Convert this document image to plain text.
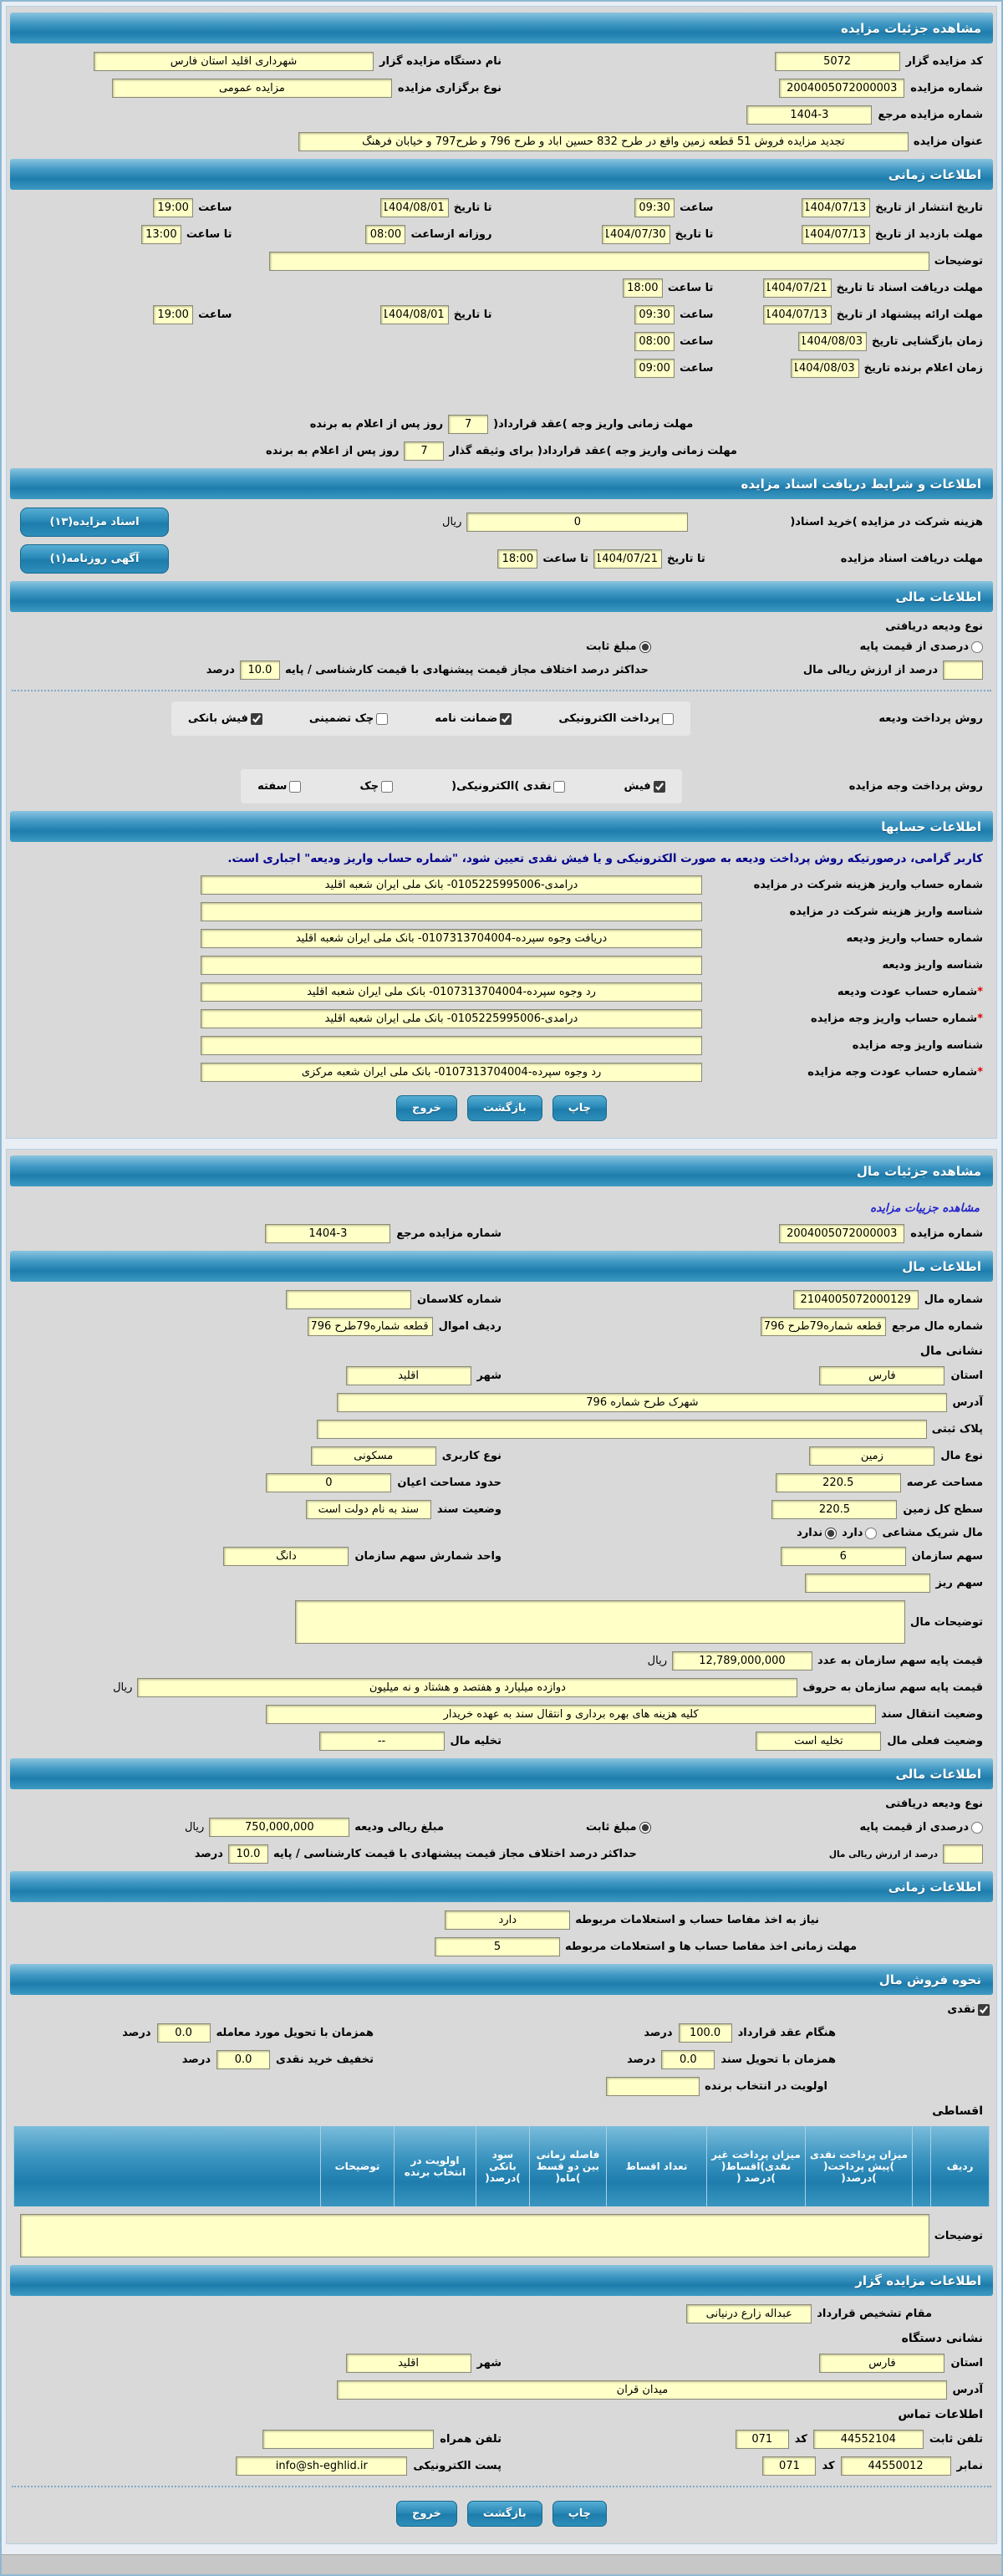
مشاهده جزئیات مزایده
کد مزایده گزار
5072
نام دستگاه مزایده گزار
شهرداری اقلید استان فارس
شماره مزایده
2004005072000003
نوع برگزاری مزایده
مزایده عمومی
شماره مزایده مرجع
1404-3
عنوان مزایده
تجدید مزایده فروش 51 قطعه زمین واقع در طرح 832 حسین آباد و طرح 796 و طرح797 و خیابان فرهنگ
اطلاعات زمانی
تاریخ انتشار از تاریخ
1404/07/13
ساعت
09:30
تا تاریخ
1404/08/01
ساعت
19:00
مهلت بازدید از تاریخ
1404/07/13
تا تاریخ
1404/07/30
روزانه ازساعت
08:00
تا ساعت
13:00
توضیحات
مهلت دریافت اسناد تا تاریخ
1404/07/21
تا ساعت
18:00
مهلت ارائه پیشنهاد از تاریخ
1404/07/13
ساعت
09:30
تا تاریخ
1404/08/01
ساعت
19:00
زمان بازگشایی تاریخ
1404/08/03
ساعت
08:00
زمان اعلام برنده تاریخ
1404/08/03
ساعت
09:00
مهلت زمانی واریز وجه )عقد قرارداد(
7
روز پس از اعلام به برنده
مهلت زمانی واریز وجه )عقد قرارداد( برای وثیقه گذار
7
روز پس از اعلام به برنده
اطلاعات و شرایط دریافت اسناد مزایده
هزینه شرکت در مزایده )خرید اسناد(
0
ریال
اسناد مزایده(۱۳)
مهلت دریافت اسناد مزایده
تا تاریخ
1404/07/21
تا ساعت
18:00
آگهی روزنامه(۱)
اطلاعات مالی
نوع ودیعه دریافتی
درصدی از قیمت پایه
مبلغ ثابت
درصد از ارزش ریالی مال
حداکثر درصد اختلاف مجاز قیمت پیشنهادی با قیمت کارشناسی / پایه
10.0
درصد
روش پرداخت ودیعه
پرداخت الکترونیکی
ضمانت نامه
چک تضمینی
فیش بانکی
روش پرداخت وجه مزایده
فیش
نقدی )الکترونیکی(
چک
سفته
اطلاعات حسابها
کاربر گرامی، درصورتیکه روش پرداخت ودیعه به صورت الکترونیکی و یا فیش نقدی تعیین شود، "شماره حساب واریز ودیعه" اجباری است.
شماره حساب واریز هزینه شرکت در مزایده
درآمدی-0105225995006- بانک ملی ایران شعبه اقلید
شناسه واریز هزینه شرکت در مزایده
شماره حساب واریز ودیعه
دریافت وجوه سپرده-0107313704004- بانک ملی ایران شعبه اقلید
شناسه واریز ودیعه
*شماره حساب عودت ودیعه
رد وجوه سپرده-0107313704004- بانک ملی ایران شعبه اقلید
*شماره حساب واریز وجه مزایده
درآمدی-0105225995006- بانک ملی ایران شعبه اقلید
شناسه واریز وجه مزایده
*شماره حساب عودت وجه مزایده
رد وجوه سپرده-0107313704004- بانک ملی ایران شعبه مرکزی
چاپ
بازگشت
خروج
مشاهده جزئیات مال
مشاهده جزییات مزایده
شماره مزایده
2004005072000003
شماره مزایده مرجع
1404-3
اطلاعات مال
شماره مال
2104005072000129
شماره کلاسمان
شماره مال مرجع
قطعه شماره79طرح 796
ردیف اموال
قطعه شماره79طرح 796
نشانی مال
استان
فارس
شهر
اقلید
آدرس
شهرک طرح شماره 796
پلاک ثبتی
نوع مال
زمین
نوع کاربری
مسکونی
مساحت عرصه
220.5
حدود مساحت اعیان
0
سطح کل زمین
220.5
وضعیت سند
سند به نام دولت است
مال شریک مشاعی
دارد
ندارد
سهم سازمان
6
واحد شمارش سهم سازمان
دانگ
سهم ریز
توضیحات مال
قیمت پایه سهم سازمان به عدد
12,789,000,000
ریال
قیمت پایه سهم سازمان به حروف
دوازده میلیارد و هفتصد و هشتاد و نه میلیون
ریال
وضعیت انتقال سند
کلیه هزینه های بهره برداری و انتقال سند به عهده خریدار
وضعیت فعلی مال
تخلیه است
تخلیه مال
--
اطلاعات مالی
نوع ودیعه دریافتی
درصدی از قیمت پایه
مبلغ ثابت
مبلغ ریالی ودیعه
750,000,000
ریال
درصد از ارزش ریالی مال
حداکثر درصد اختلاف مجاز قیمت پیشنهادی با قیمت کارشناسی / پایه
10.0
درصد
اطلاعات زمانی
نیاز به اخذ مفاصا حساب و استعلامات مربوطه
دارد
مهلت زمانی اخذ مفاصا حساب ها و استعلامات مربوطه
5
نحوه فروش مال
نقدی
هنگام عقد قرارداد
100.0
درصد
همزمان با تحویل مورد معامله
0.0
درصد
همزمان با تحویل سند
0.0
درصد
تخفیف خرید نقدی
0.0
درصد
اولویت در انتخاب برنده
اقساطی
ردیف		میزان پرداخت نقدی )پیش پرداخت( )درصد(	میزان پرداخت غیر نقدی)اقساط( )درصد (	تعداد اقساط	فاصله زمانی بین دو قسط )ماه(	سود بانکی )درصد(	اولویت در انتخاب برنده	توضیحات	
توضیحات
اطلاعات مزایده گزار
مقام تشخیص قرارداد
عبداله زارع درنیانی
نشانی دستگاه
استان
فارس
شهر
اقلید
آدرس
میدان قرآن
اطلاعات تماس
تلفن ثابت
44552104
کد
071
تلفن همراه
نمابر
44550012
کد
071
پست الکترونیکی
info@sh-eghlid.ir
چاپ
بازگشت
خروج
